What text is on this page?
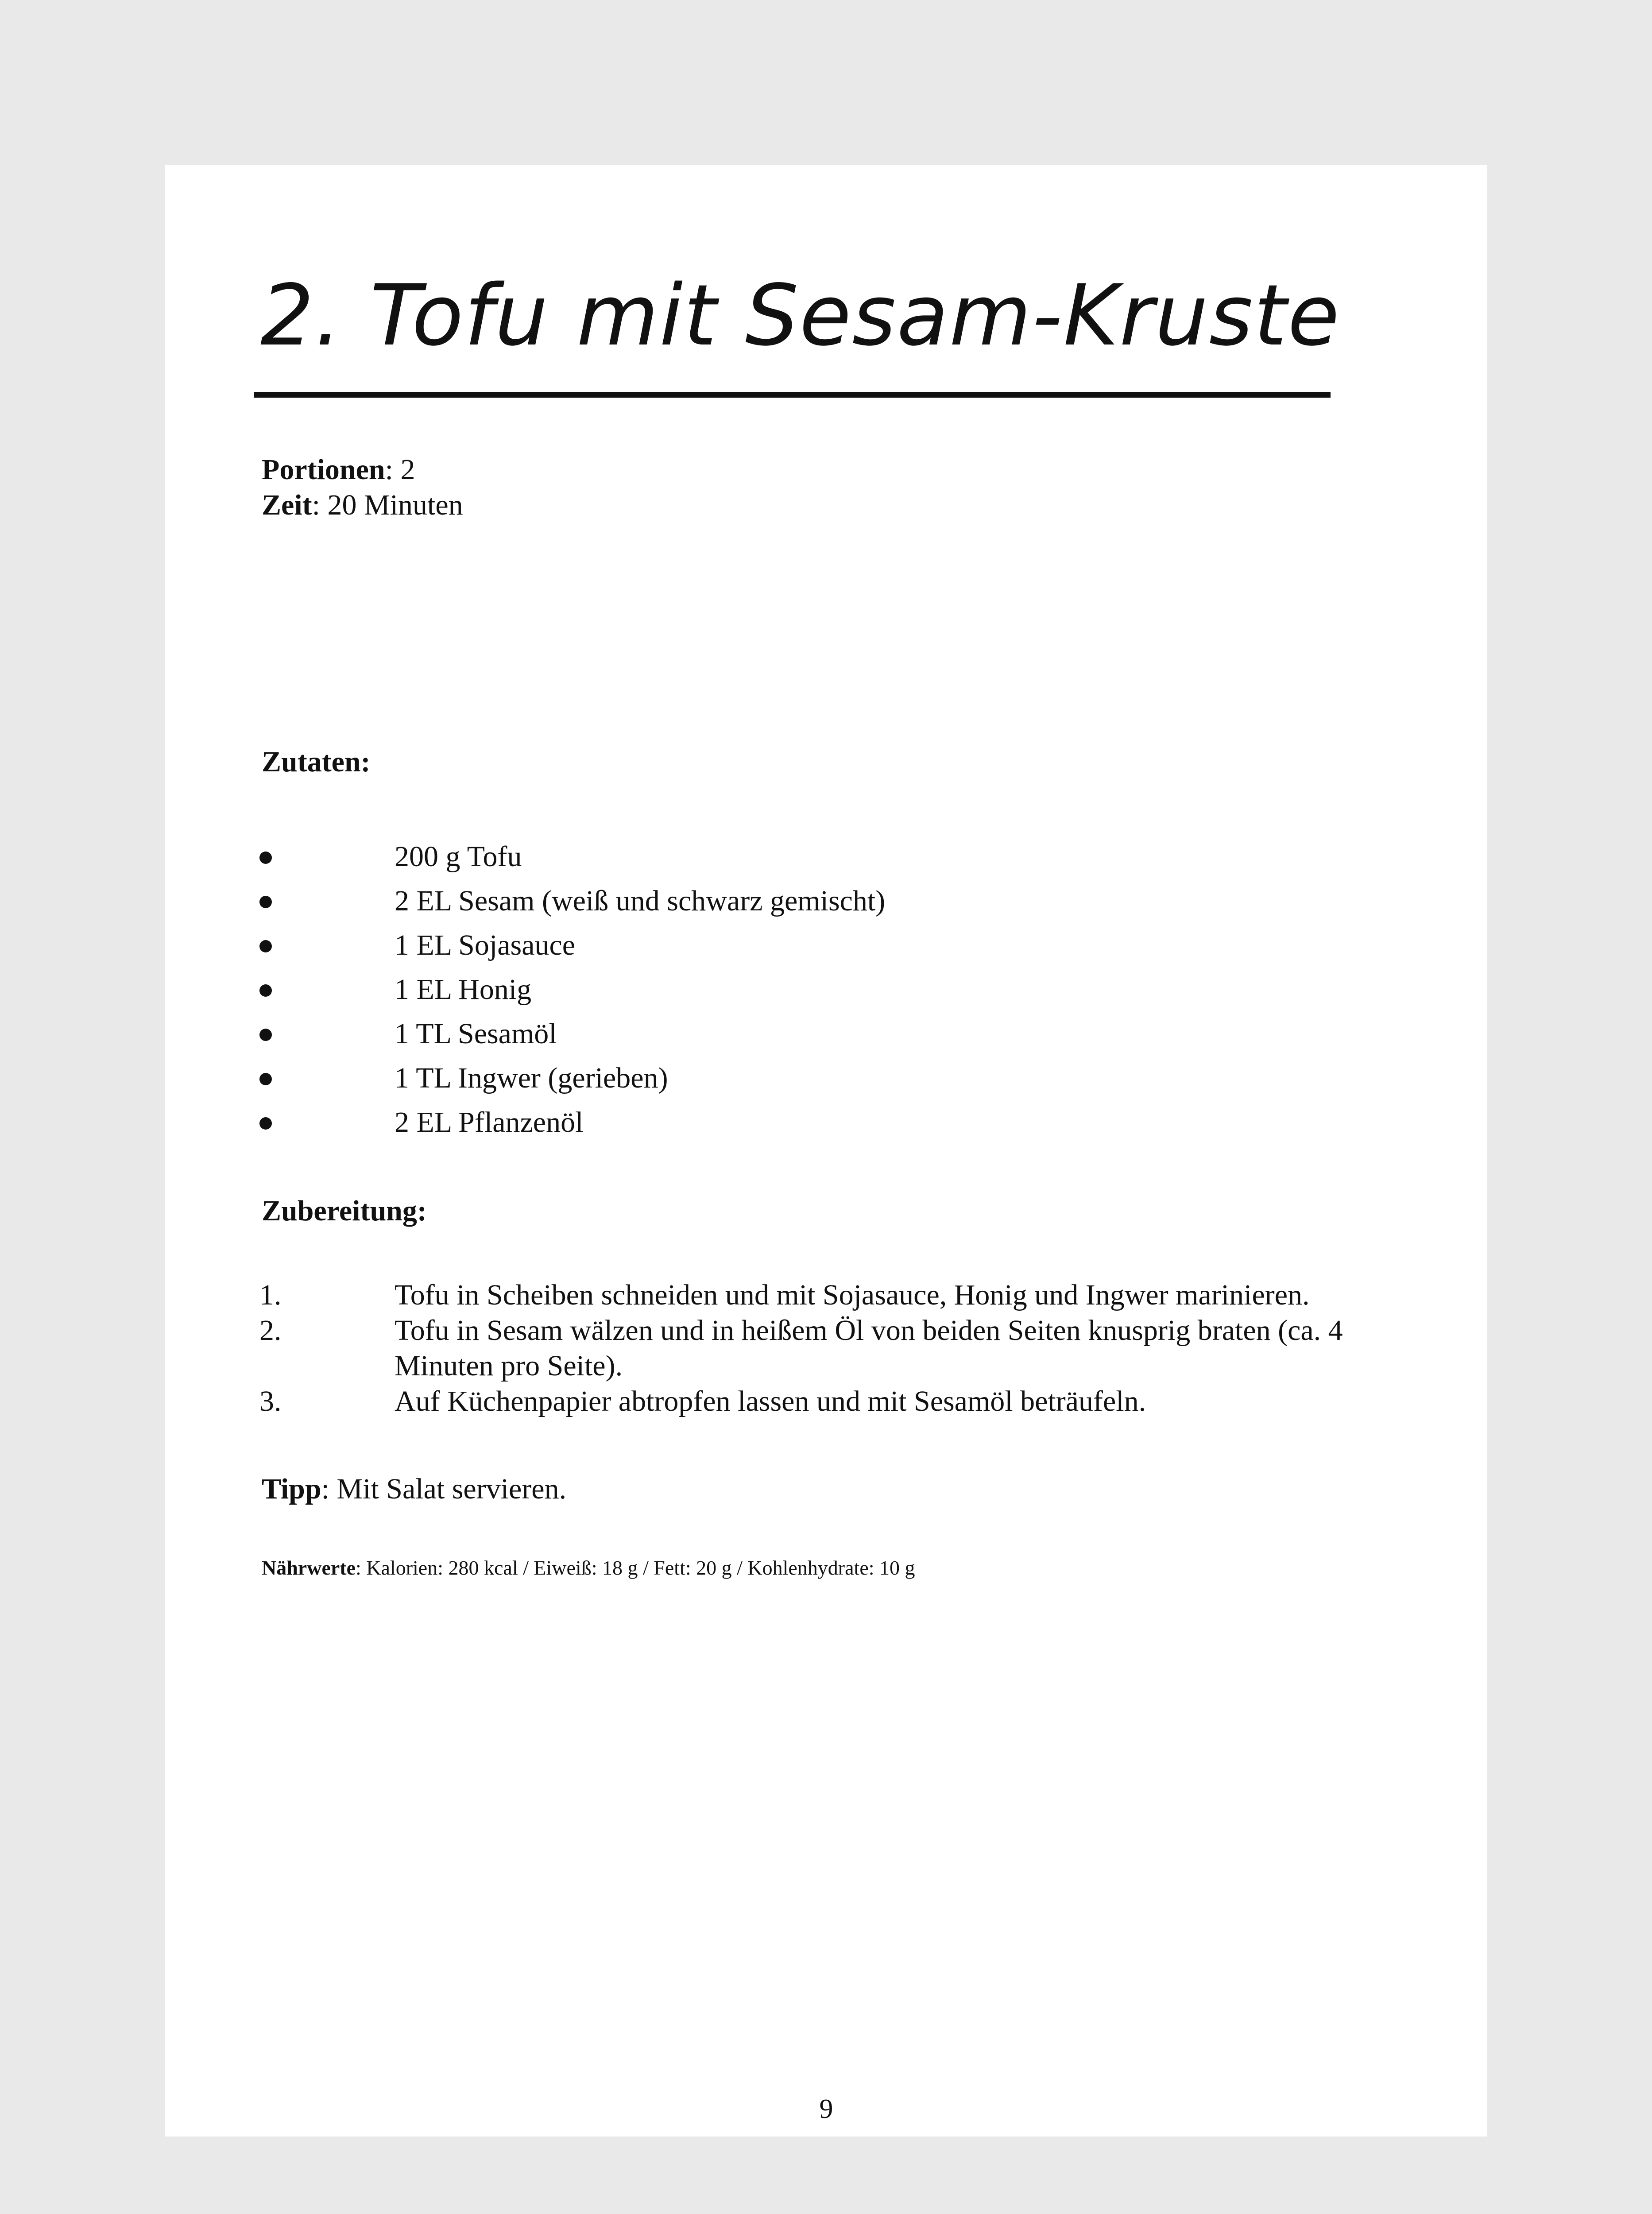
2. Tofu mit Sesam-Kruste
Portionen: 2
Zeit: 20 Minuten
Zutaten:
200 g Tofu
2 EL Sesam (weiß und schwarz gemischt)
1 EL Sojasauce
1 EL Honig
1 TL Sesamöl
1 TL Ingwer (gerieben)
2 EL Pflanzenöl
Zubereitung:
1.	Tofu in Scheiben schneiden und mit Sojasauce, Honig und Ingwer marinieren.
2.	Tofu in Sesam wälzen und in heißem Öl von beiden Seiten knusprig braten (ca. 4 Minuten pro Seite).
3.	Auf Küchenpapier abtropfen lassen und mit Sesamöl beträufeln.
Tipp: Mit Salat servieren.
Nährwerte: Kalorien: 280 kcal / Eiweiß: 18 g / Fett: 20 g / Kohlenhydrate: 10 g
9
